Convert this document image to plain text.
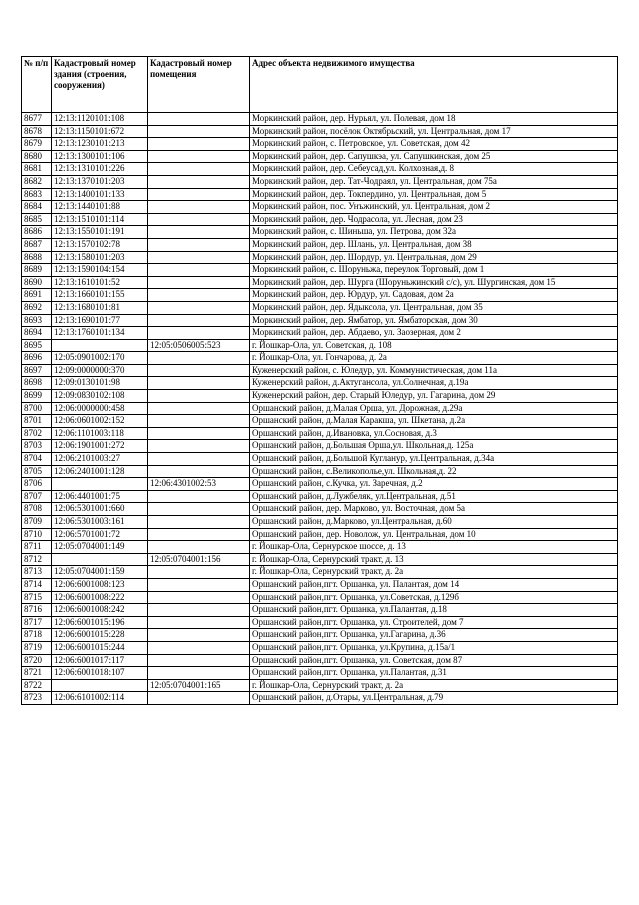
№ п/п	Кадастровый номер здания (строения, сооружения)	Кадастровый номер помещения	Адрес объекта недвижимого имущества
8677	12:13:1120101:108		Моркинский район, дер. Нурьял, ул. Полевая, дом 18
8678	12:13:1150101:672		Моркинский район, посёлок Октябрьский, ул. Центральная, дом 17
8679	12:13:1230101:213		Моркинский район, с. Петровское, ул. Советская, дом 42
8680	12:13:1300101:106		Моркинский район, дер. Сапушкэа, ул. Сапушкинская, дом 25
8681	12:13:1310101:226		Моркинский район, дер. Себеусад,ул. Колхозная,д. 8
8682	12:13:1370101:203		Моркинский район, дер. Тат-Чодраял, ул. Центральная, дом 75а
8683	12:13:1400101:133		Моркинский район, дер. Токпердино, ул. Центральная, дом 5
8684	12:13:1440101:88		Моркинский район, пос. Унъжинский, ул. Центральная, дом 2
8685	12:13:1510101:114		Моркинский район, дер. Чодрасола, ул. Лесная, дом 23
8686	12:13:1550101:191		Моркинский район, с. Шиньша, ул. Петрова, дом 32а
8687	12:13:1570102:78		Моркинский район, дер. Шлань, ул. Центральная, дом 38
8688	12:13:1580101:203		Моркинский район, дер. Шордур, ул. Центральная, дом 29
8689	12:13:1590104:154		Моркинский район, с. Шоруньжа, переулок Торговый, дом 1
8690	12:13:1610101:52		Моркинский район, дер. Шурга (Шоруньжинский с/с), ул. Шургинская, дом 15
8691	12:13:1660101:155		Моркинский район, дер. Юрдур, ул. Садовая, дом 2а
8692	12:13:1680101:81		Моркинский район, дер. Ядыксола, ул. Центральная, дом 35
8693	12:13:1690101:77		Моркинский район, дер. Ямбатор, ул. Ямбаторская, дом 30
8694	12:13:1760101:134		Моркинский район, дер. Абдаево, ул. Заозерная, дом 2
8695		12:05:0506005:523	г. Йошкар-Ола, ул. Советская, д. 108
8696	12:05:0901002:170		г. Йошкар-Ола, ул. Гончарова, д. 2а
8697	12:09:0000000:370		Куженерский район, с. Юледур, ул. Коммунистическая, дом 11а
8698	12:09:0130101:98		Куженерский район, д.Актугансола, ул.Солнечная, д.19а
8699	12:09:0830102:108		Куженерский район, дер. Старый Юледур, ул. Гагарина, дом 29
8700	12:06:0000000:458		Оршанский район, д.Малая Орша, ул. Дорожная, д.29а
8701	12:06:0601002:152		Оршанский район, д.Малая Каракша, ул. Шкетана, д.2а
8702	12:06:1101003:118		Оршанский район, д.Ивановка, ул.Сосновая, д.3
8703	12:06:1901001:272		Оршанский район, д.Большая Орша,ул. Школьная,д. 125а
8704	12:06:2101003:27		Оршанский район, д.Большой Кугланур, ул.Центральная, д.34а
8705	12:06:2401001:128		Оршанский район, с.Великополье,ул. Школьная,д. 22
8706		12:06:4301002:53	Оршанский район, с.Кучка, ул. Заречная, д.2
8707	12:06:4401001:75		Оршанский район, д.Лужбеляк, ул.Центральная, д.51
8708	12:06:5301001:660		Оршанский район, дер. Марково, ул. Восточная, дом 5а
8709	12:06:5301003:161		Оршанский район, д.Марково, ул.Центральная, д.60
8710	12:06:5701001:72		Оршанский район, дер. Новолож, ул. Центральная, дом 10
8711	12:05:0704001:149		г. Йошкар-Ола, Сернурское шоссе, д. 13
8712		12:05:0704001:156	г. Йошкар-Ола, Сернурский тракт, д. 13
8713	12:05:0704001:159		г. Йошкар-Ола, Сернурский тракт, д. 2а
8714	12:06:6001008:123		Оршанский район,пгт. Оршанка, ул. Палантая, дом 14
8715	12:06:6001008:222		Оршанский район,пгт. Оршанка, ул.Советская, д.129б
8716	12:06:6001008:242		Оршанский район,пгт. Оршанка, ул.Палантая, д.18
8717	12:06:6001015:196		Оршанский район,пгт. Оршанка, ул. Строителей, дом 7
8718	12:06:6001015:228		Оршанский район,пгт. Оршанка, ул.Гагарина, д.36
8719	12:06:6001015:244		Оршанский район,пгт. Оршанка, ул.Крупина, д.15а/1
8720	12:06:6001017:117		Оршанский район,пгт. Оршанка, ул. Советская, дом 87
8721	12:06:6001018:107		Оршанский район,пгт. Оршанка, ул.Палантая, д.31
8722		12:05:0704001:165	г. Йошкар-Ола, Сернурский тракт, д. 2а
8723	12:06:6101002:114		Оршанский район, д.Отары, ул.Центральная, д.79
